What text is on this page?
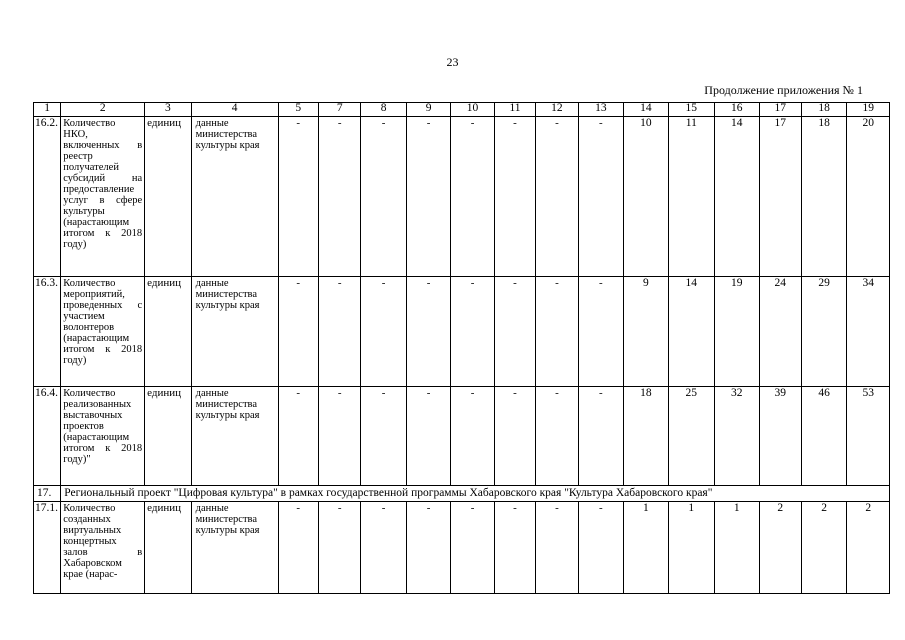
23
Продолжение приложения № 1
1	2	3	4	5	7	8	9	10	11	12	13	14	15	16	17	18	19
16.2.	Количество НКО, включенных в реестр получателей субсидий на предоставление услуг в сфере культуры (нарастающим итогом к 2018 году)	единиц	данные министерства культуры края	-	-	-	-	-	-	-	-	10	11	14	17	18	20
16.3.	Количество мероприятий, проведенных с участием волонтеров (нарастающим итогом к 2018 году)	единиц	данные министерства культуры края	-	-	-	-	-	-	-	-	9	14	19	24	29	34
16.4.	Количество реализованных выставочных проектов (нарастающим итогом к 2018 году)"	единиц	данные министерства культуры края	-	-	-	-	-	-	-	-	18	25	32	39	46	53
17.	Региональный проект "Цифровая культура" в рамках государственной программы Хабаровского края "Культура Хабаровского края"																
17.1.	Количество созданных виртуальных концертных залов в Хабаровском крае (нарас-	единиц	данные министерства культуры края	-	-	-	-	-	-	-	-	1	1	1	2	2	2
